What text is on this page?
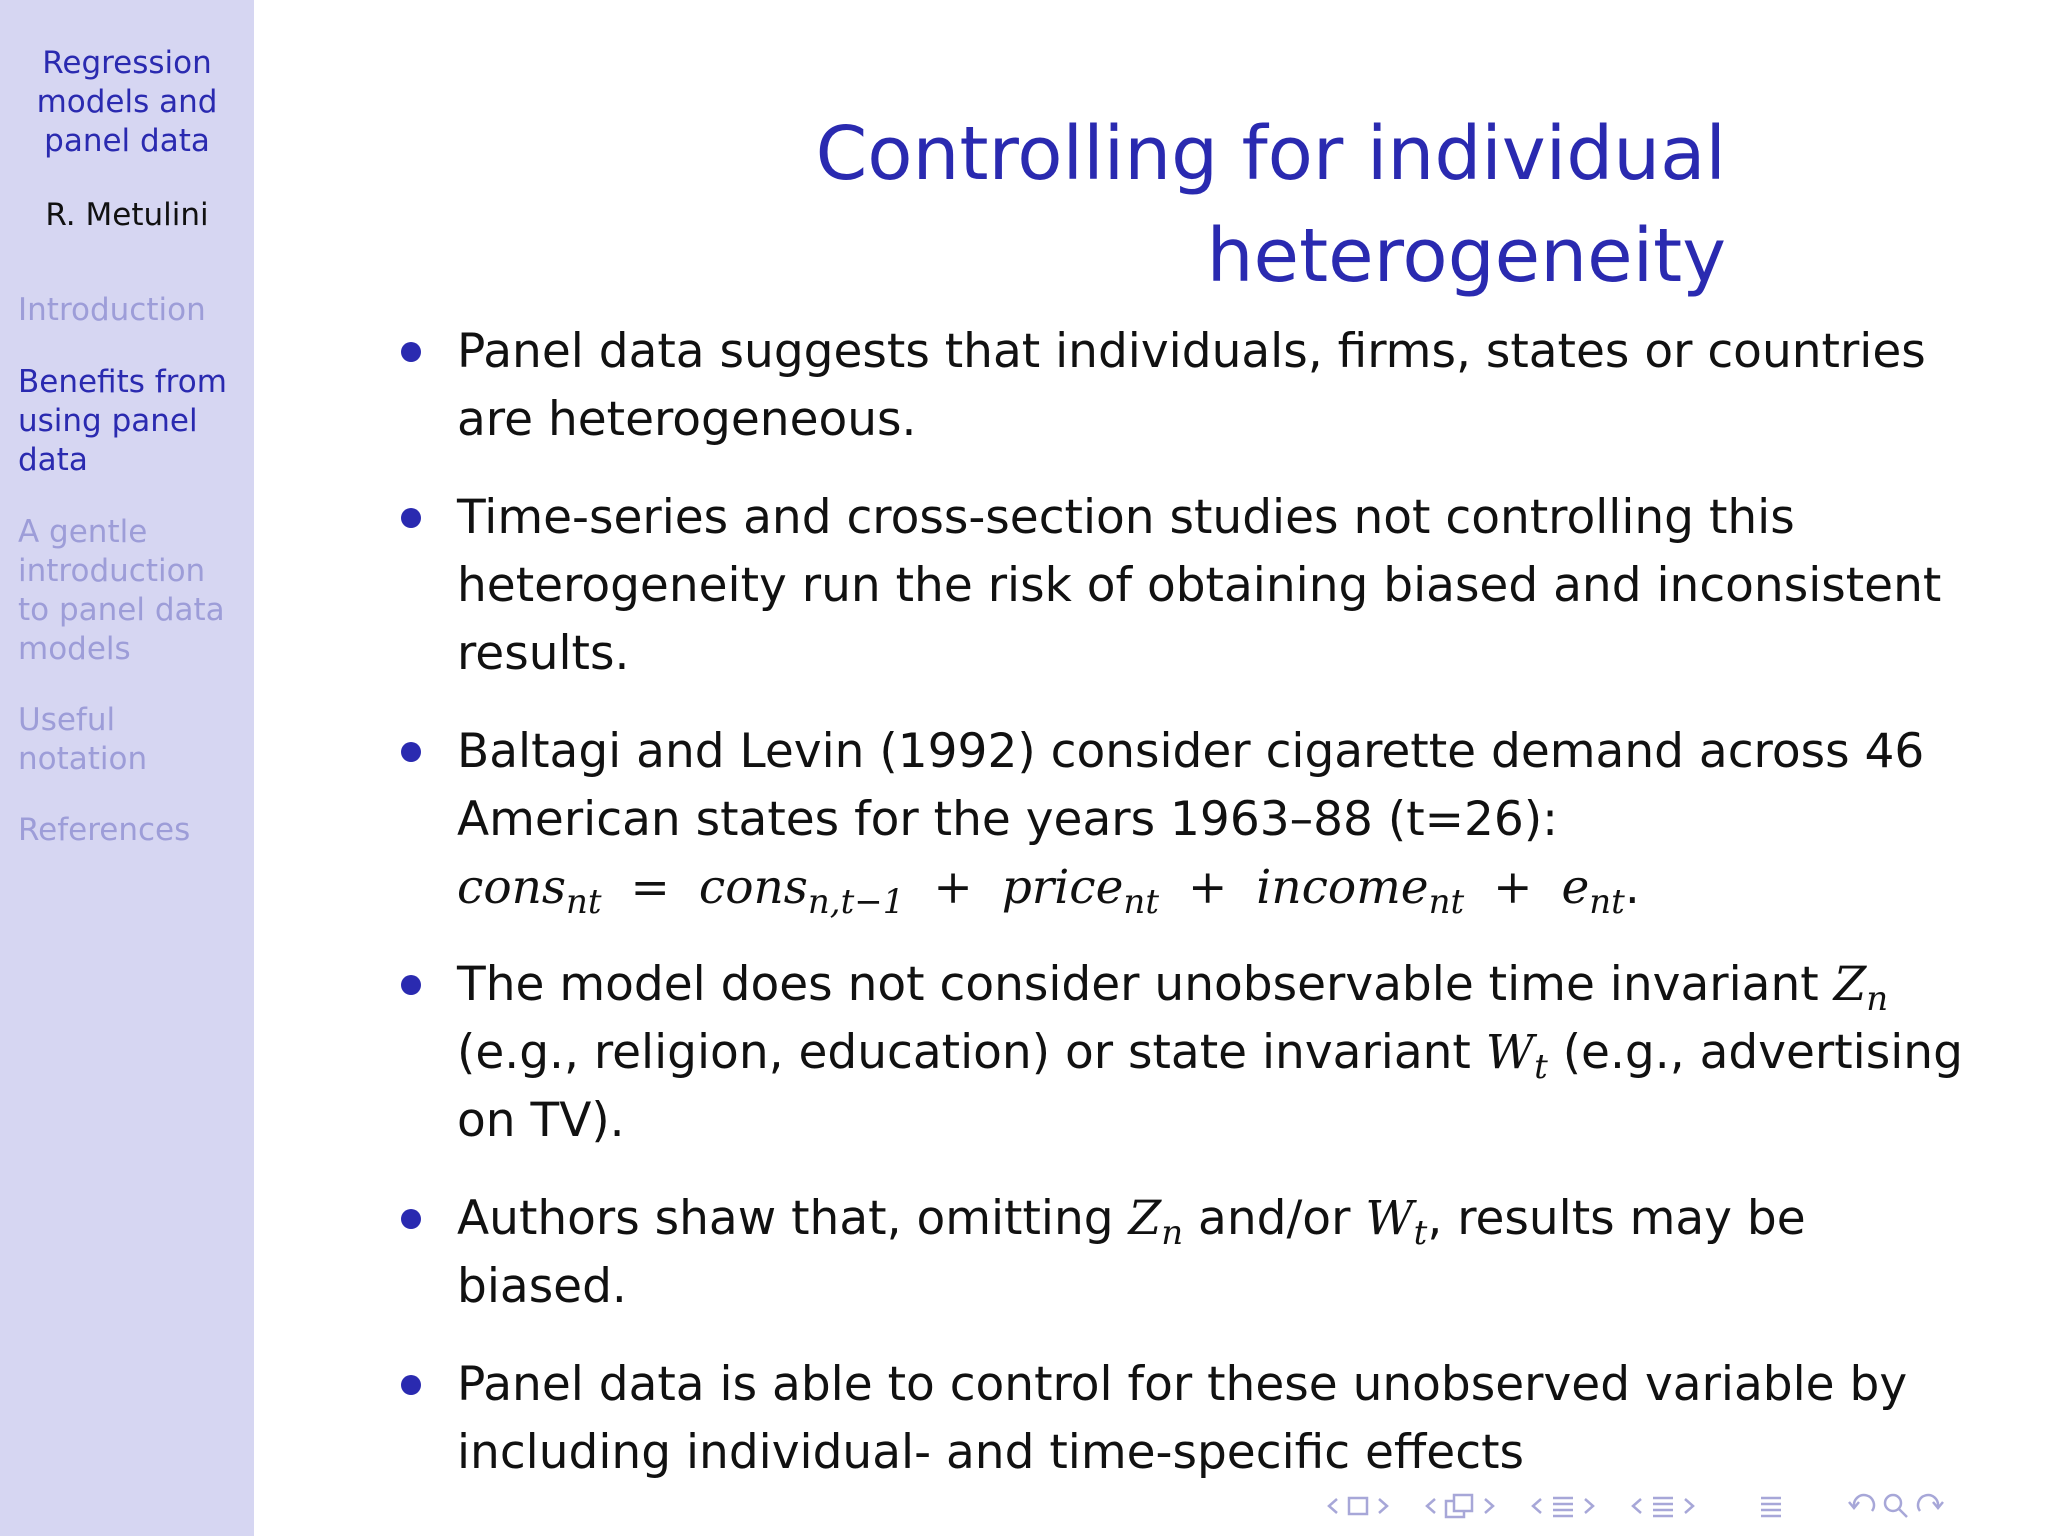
Regression
models and
panel data
R. Metulini
Introduction
Benefits from
using panel
data
A gentle
introduction
to panel data
models
Useful
notation
References
Controlling for individual
heterogeneity
Panel data suggests that individuals, firms, states or countries
are heterogeneous.
Time-series and cross-section studies not controlling this
heterogeneity run the risk of obtaining biased and inconsistent
results.
Baltagi and Levin (1992) consider cigarette demand across 46
American states for the years 1963–88 (t=26):
cons$_{nt}$ = cons$_{n,t-1}$ + price$_{nt}$ + income$_{nt}$ + $e_{nt}$.
The model does not consider unobservable time invariant $Z_n$
(e.g., religion, education) or state invariant $W_t$ (e.g., advertising
on TV).
Authors shaw that, omitting $Z_n$ and/or $W_t$, results may be
biased.
Panel data is able to control for these unobserved variable by
including individual- and time-specific effects
